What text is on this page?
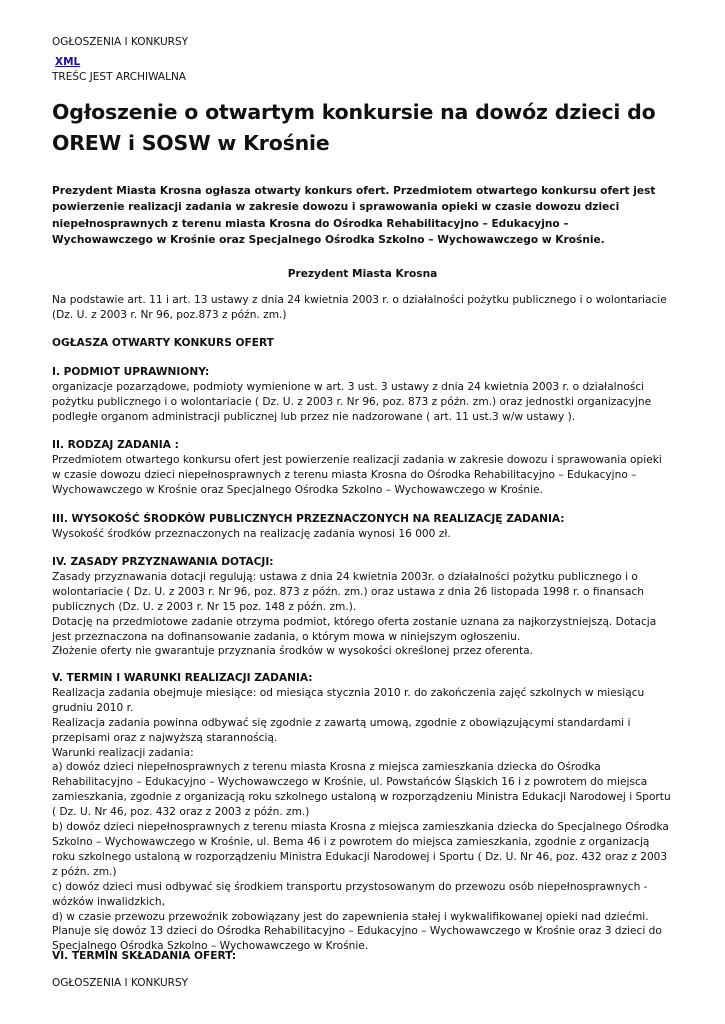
OGŁOSZENIA I KONKURSY
XML
TREŚC JEST ARCHIWALNA
Ogłoszenie o otwartym konkursie na dowóz dzieci do OREW i SOSW w Krośnie
Prezydent Miasta Krosna ogłasza otwarty konkurs ofert. Przedmiotem otwartego konkursu ofert jest powierzenie realizacji zadania w zakresie dowozu i sprawowania opieki w czasie dowozu dzieci niepełnosprawnych z terenu miasta Krosna do Ośrodka Rehabilitacyjno – Edukacyjno – Wychowawczego w Krośnie oraz Specjalnego Ośrodka Szkolno – Wychowawczego w Krośnie.
Prezydent Miasta Krosna
Na podstawie art. 11 i art. 13 ustawy z dnia 24 kwietnia 2003 r. o działalności pożytku publicznego i o wolontariacie (Dz. U. z 2003 r. Nr 96, poz.873 z późn. zm.)
OGŁASZA OTWARTY KONKURS OFERT

I. PODMIOT UPRAWNIONY:

organizacje pozarządowe, podmioty wymienione w art. 3 ust. 3 ustawy z dnia 24 kwietnia 2003 r. o działalności pożytku publicznego i o wolontariacie ( Dz. U. z 2003 r. Nr 96, poz. 873 z późn. zm.) oraz jednostki organizacyjne podległe organom administracji publicznej lub przez nie nadzorowane ( art. 11 ust.3 w/w ustawy ).

II. RODZAJ ZADANIA :

Przedmiotem otwartego konkursu ofert jest powierzenie realizacji zadania w zakresie dowozu i sprawowania opieki w czasie dowozu dzieci niepełnosprawnych z terenu miasta Krosna do Ośrodka Rehabilitacyjno – Edukacyjno – Wychowawczego w Krośnie oraz Specjalnego Ośrodka Szkolno – Wychowawczego w Krośnie.

III. WYSOKOŚĆ ŚRODKÓW PUBLICZNYCH PRZEZNACZONYCH NA REALIZACJĘ ZADANIA:

Wysokość środków przeznaczonych na realizację zadania wynosi 16 000 zł.

IV. ZASADY PRZYZNAWANIA DOTACJI:

Zasady przyznawania dotacji regulują: ustawa z dnia 24 kwietnia 2003r. o działalności pożytku publicznego i o wolontariacie ( Dz. U. z 2003 r. Nr 96, poz. 873 z późn. zm.) oraz ustawa z dnia 26 listopada 1998 r. o finansach publicznych (Dz. U. z 2003 r. Nr 15 poz. 148 z późn. zm.).

Dotację na przedmiotowe zadanie otrzyma podmiot, którego oferta zostanie uznana za najkorzystniejszą. Dotacja jest przeznaczona na dofinansowanie zadania, o którym mowa w niniejszym ogłoszeniu.

Złożenie oferty nie gwarantuje przyznania środków w wysokości określonej przez oferenta.

V. TERMIN I WARUNKI REALIZACJI ZADANIA:

Realizacja zadania obejmuje miesiące: od miesiąca stycznia 2010 r. do zakończenia zajęć szkolnych w miesiącu grudniu 2010 r.

Realizacja zadania powinna odbywać się zgodnie z zawartą umową, zgodnie z obowiązującymi standardami i przepisami oraz z najwyższą starannością.

Warunki realizacji zadania:

a) dowóz dzieci niepełnosprawnych z terenu miasta Krosna z miejsca zamieszkania dziecka do Ośrodka Rehabilitacyjno – Edukacyjno – Wychowawczego w Krośnie, ul. Powstańców Śląskich 16 i z powrotem do miejsca zamieszkania, zgodnie z organizacją roku szkolnego ustaloną w rozporządzeniu Ministra Edukacji Narodowej i Sportu ( Dz. U. Nr 46, poz. 432 oraz z 2003 z późn. zm.)

b) dowóz dzieci niepełnosprawnych z terenu miasta Krosna z miejsca zamieszkania dziecka do Specjalnego Ośrodka Szkolno – Wychowawczego w Krośnie, ul. Bema 46 i z powrotem do miejsca zamieszkania, zgodnie z organizacją roku szkolnego ustaloną w rozporządzeniu Ministra Edukacji Narodowej i Sportu ( Dz. U. Nr 46, poz. 432 oraz z 2003 z późn. zm.)

c) dowóz dzieci musi odbywać się środkiem transportu przystosowanym do przewozu osób niepełnosprawnych - wózków inwalidzkich,

d) w czasie przewozu przewoźnik zobowiązany jest do zapewnienia stałej i wykwalifikowanej opieki nad dziećmi.

Planuje się dowóz 13 dzieci do Ośrodka Rehabilitacyjno – Edukacyjno – Wychowawczego w Krośnie oraz 3 dzieci do Specjalnego Ośrodka Szkolno – Wychowawczego w Krośnie.

VI. TERMIN SKŁADANIA OFERT:
OGŁOSZENIA I KONKURSY
